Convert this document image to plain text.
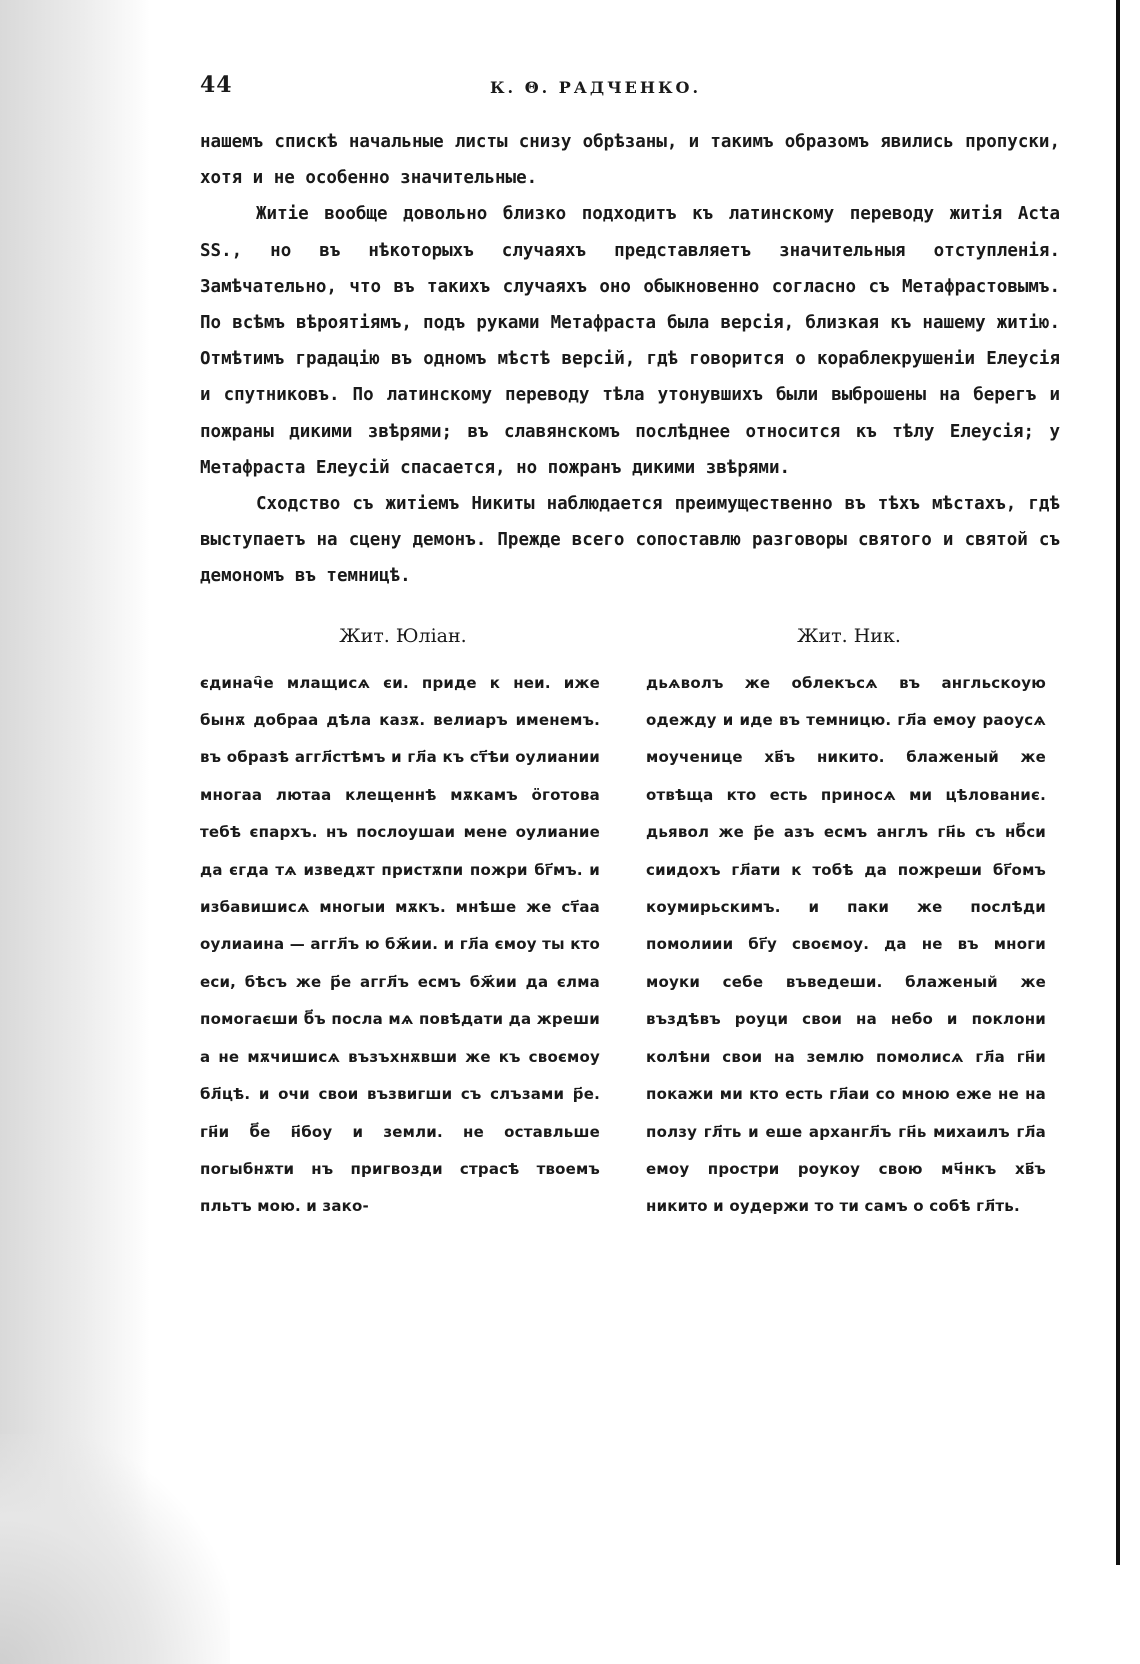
44	К. Θ. РАДЧЕНКО.

нашемъ спискѣ начальные листы снизу обрѣзаны, и такимъ образомъ явились пропуски, хотя и не особенно значительные.

Житіе вообще довольно близко подходитъ къ латинскому переводу житія Acta SS., но въ нѣкоторыхъ случаяхъ представляетъ значительныя отступленія. Замѣчательно, что въ такихъ случаяхъ оно обыкновенно согласно съ Метафрастовымъ. По всѣмъ вѣроятіямъ, подъ руками Метафраста была версія, близкая къ нашему житію. Отмѣтимъ градацію въ одномъ мѣстѣ версій, гдѣ говорится о кораблекрушеніи Елеусія и спутниковъ. По латинскому переводу тѣла утонувшихъ были выброшены на берегъ и пожраны дикими звѣрями; въ славянскомъ послѣднее относится къ тѣлу Елеусія; у Метафраста Елеусій спасается, но пожранъ дикими звѣрями.

Сходство съ житіемъ Никиты наблюдается преимущественно въ тѣхъ мѣстахъ, гдѣ выступаетъ на сцену демонъ. Прежде всего сопоставлю разговоры святого и святой съ демономъ въ темницѣ.

Жит. Юліан.
єдинач҄е млащисѧ єи. приде к неи. иже бынѫ добраа дѣла казѫ. велиаръ именемъ. въ образѣ аггл҃стѣмъ и гл҃а къ ст҃ѣи оулиании многаа лютаа клещеннѣ мѫкамъ ӧготова тебѣ єпархъ. нъ послоушаи мене оулиание да єгда тѧ изведѫт пристѫпи пожри бг҃мъ. и избавишисѧ многыи мѫкъ. мнѣше же ст҃аа оулиаина — аггл҃ъ ю бж҃ии. и гл҃а ємоу ты кто еси, бѣсъ же р҃е аггл҃ъ есмъ бж҃ии да єлма помогаєши б҃ъ посла мѧ повѣдати да жреши а не мѫчишисѧ възъхнѫвши же къ своємоу бл҃цѣ. и очи свои възвигши съ слъзами р҃е. гн҃и б҃е н҃боу и земли. не оставльше погыбнѫти нъ пригвозди страсѣ твоемъ пльтъ мою. и зако-
Жит. Ник.
дьѧволъ же облекъсѧ въ англьскоую одежду и иде въ темницю. гл҃а емоу раоусѧ моученице хв҃ъ никито. блаженый же отвѣща кто есть приносѧ ми цѣлованиє. дьявол же р҃е азъ есмъ англъ гн҃ь съ нб҃си сиидохъ гл҃ати к тобѣ да пожреши бг҃омъ коумирьскимъ. и паки же послѣди помолиии бг҃у своємоу. да не въ многи моуки себе въведеши. блаженый же въздѣвъ роуци свои на небо и поклони колѣни свои на землю помолисѧ гл҃а гн҃и покажи ми кто есть гл҃аи со мною еже не на ползу гл҃ть и еше архангл҃ъ гн҃ь михаилъ гл҃а емоу простри роукоу свою мч҃нкъ хв҃ъ никито и оудержи то ти самъ о собѣ гл҃ть.
